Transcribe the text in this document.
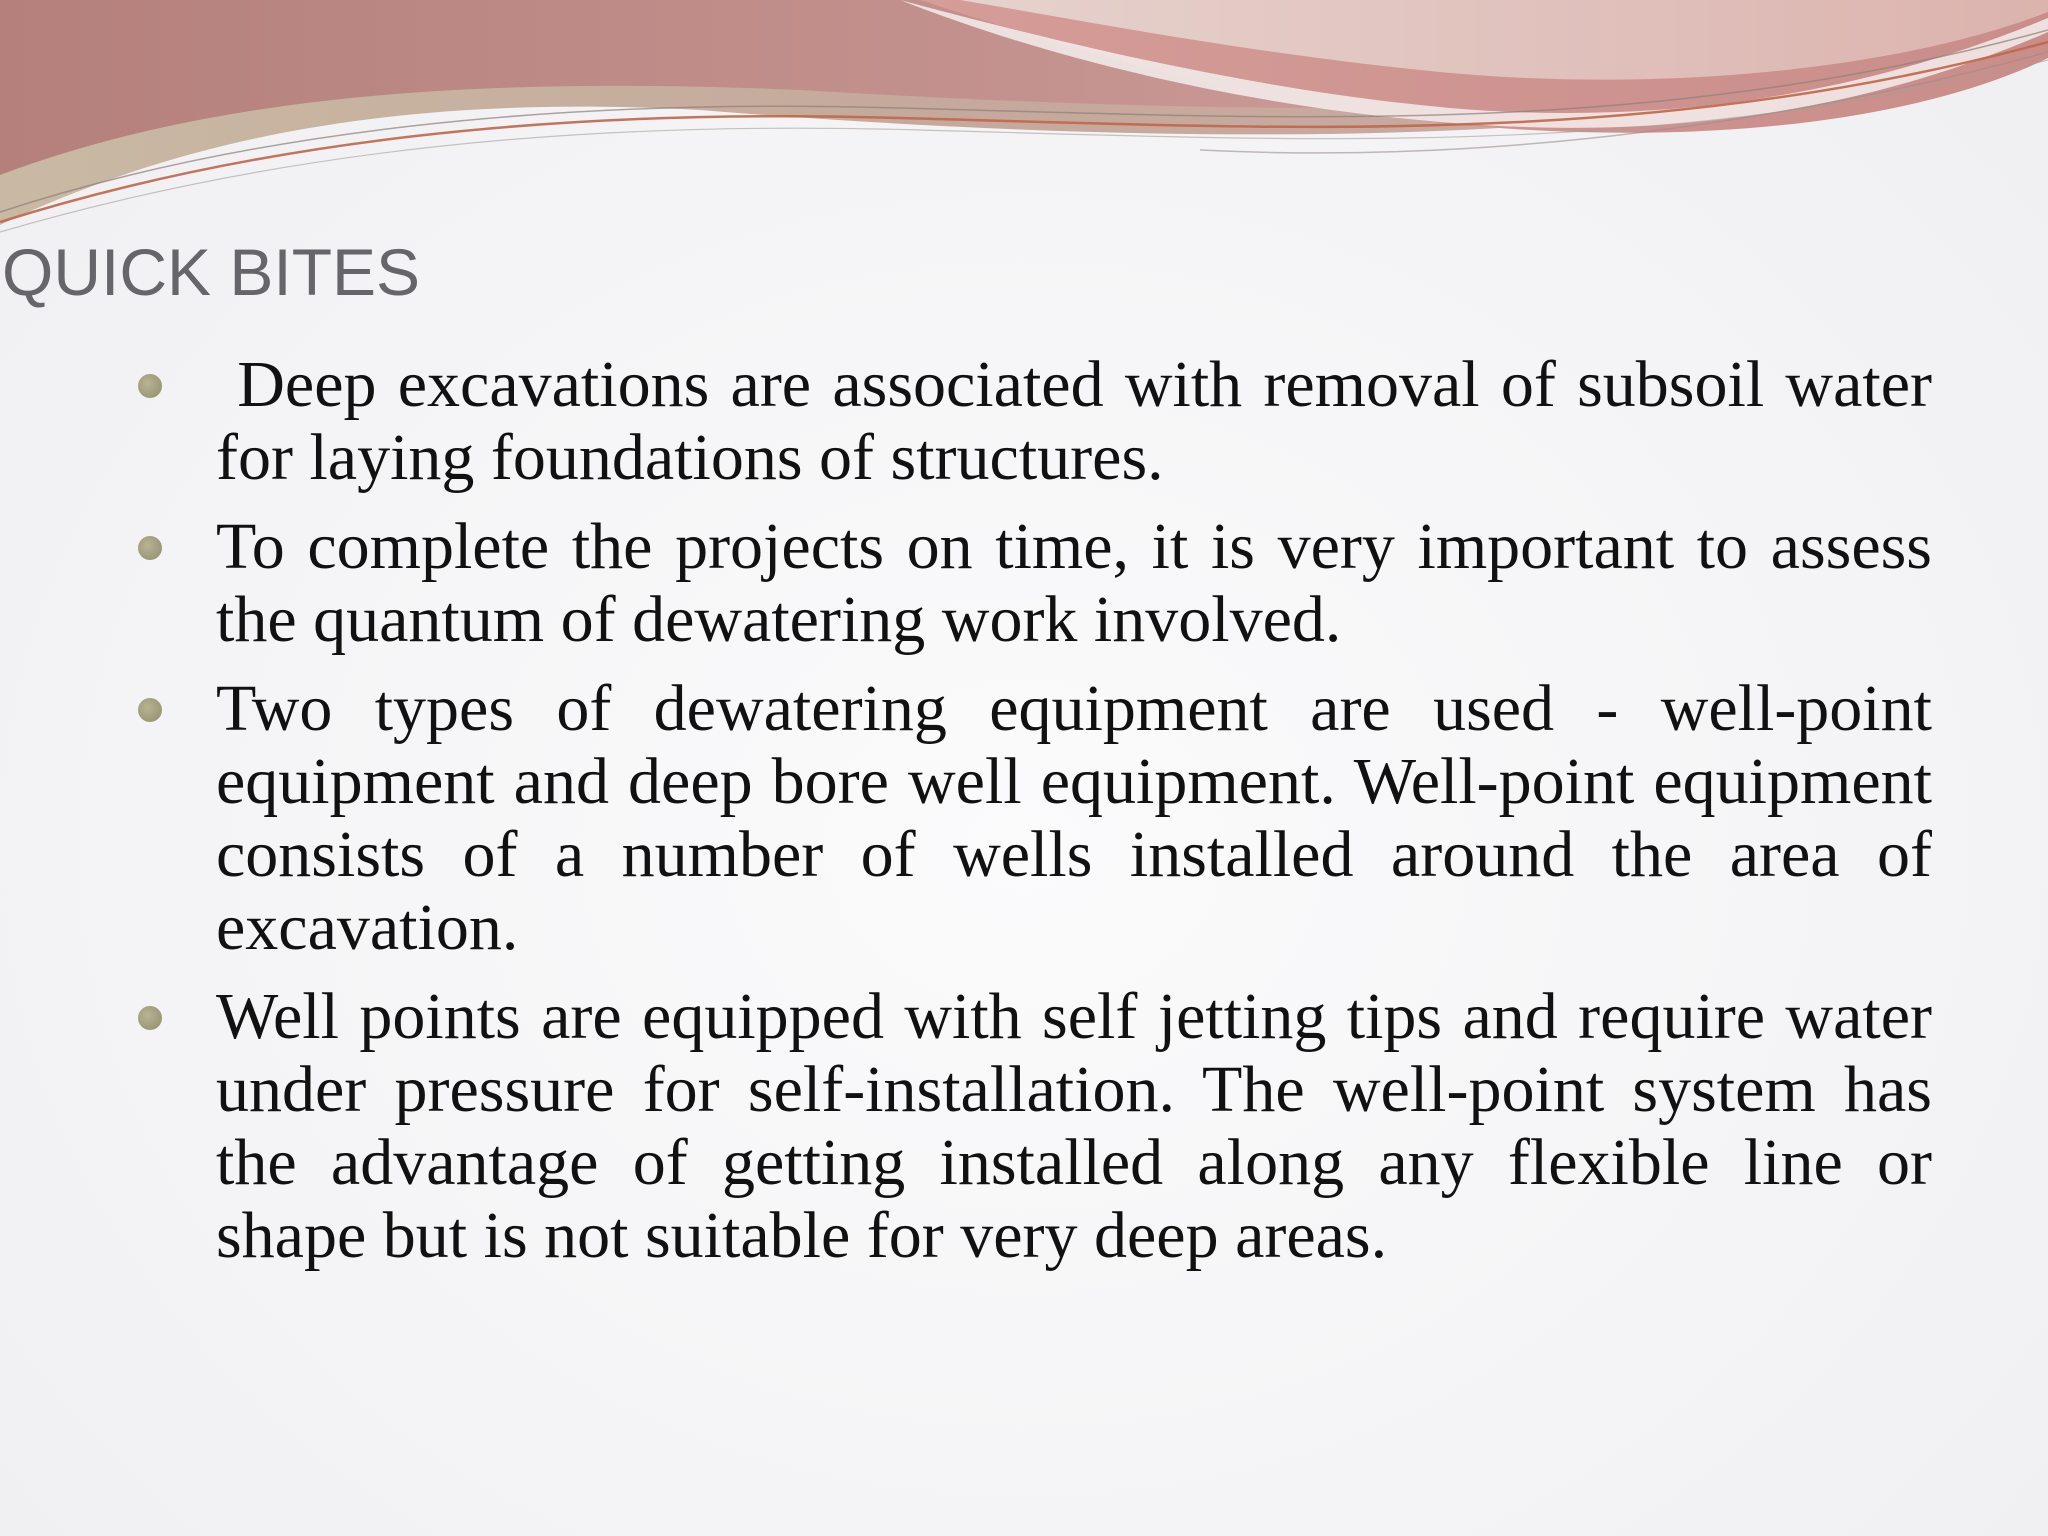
QUICK BITES
Deep excavations are associated with removal of subsoil water for laying foundations of structures.
To complete the projects on time, it is very important to assess the quantum of dewatering work involved.
Two types of dewatering equipment are used - well-point equipment and deep bore well equipment. Well-point equipment consists of a number of wells installed around the area of excavation.
Well points are equipped with self jetting tips and require water under pressure for self-installation. The well-point system has the advantage of getting installed along any flexible line or shape but is not suitable for very deep areas.
